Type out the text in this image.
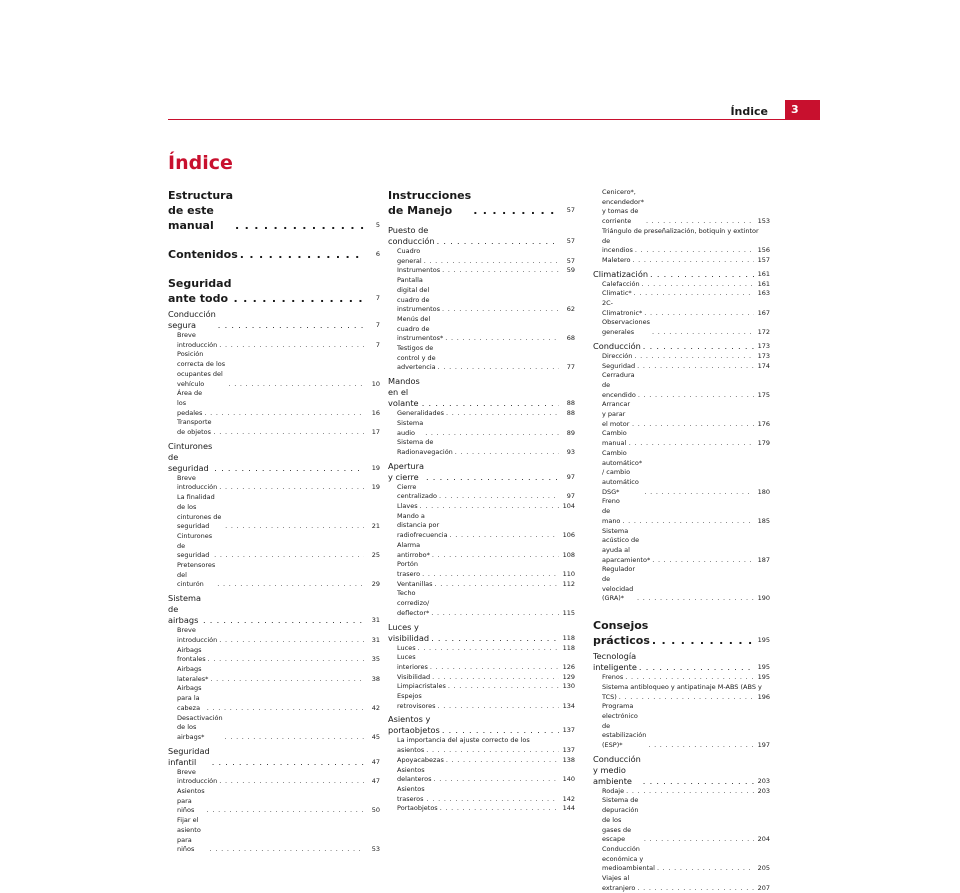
Índice	3
Índice
Estructura de este manual . . .	5
Contenidos . . .	6
Seguridad ante todo . . .	7
Conducción segura . . .	7
Breve introducción . . .	7
Posición correcta de los ocupantes del vehículo . . .	10
Área de los pedales . . .	16
Transporte de objetos . . .	17
Cinturones de seguridad . . .	19
Breve introducción . . .	19
La finalidad de los cinturones de seguridad . . .	21
Cinturones de seguridad . . .	25
Pretensores del cinturón . . .	29
Sistema de airbags . . .	31
Breve introducción . . .	31
Airbags frontales . . .	35
Airbags laterales* . . .	38
Airbags para la cabeza . . .	42
Desactivación de los airbags* . . .	45
Seguridad infantil . . .	47
Breve introducción . . .	47
Asientos para niños . . .	50
Fijar el asiento para niños . . .	53
Instrucciones de Manejo . . .	57
Puesto de conducción . . .	57
Cuadro general . . .	57
Instrumentos . . .	59
Pantalla digital del cuadro de instrumentos . . .	62
Menús del cuadro de instrumentos* . . .	68
Testigos de control y de advertencia . . .	77
Mandos en el volante . . .	88
Generalidades . . .	88
Sistema audio . . .	89
Sistema de Radionavegación . . .	93
Apertura y cierre . . .	97
Cierre centralizado . . .	97
Llaves . . .	104
Mando a distancia por radiofrecuencia . . .	106
Alarma antirrobo* . . .	108
Portón trasero . . .	110
Ventanillas . . .	112
Techo corredizo/ deflector* . . .	115
Luces y visibilidad . . .	118
Luces . . .	118
Luces interiores . . .	126
Visibilidad . . .	129
Limpiacristales . . .	130
Espejos retrovisores . . .	134
Asientos y portaobjetos . . .	137
La importancia del ajuste correcto de los
asientos . . .	137
Apoyacabezas . . .	138
Asientos delanteros . . .	140
Asientos traseros . . .	142
Portaobjetos . . .	144
Cenicero*, encendedor* y tomas de corriente . . .	153
Triángulo de preseñalización, botiquín y extintor
de incendios . . .	156
Maletero . . .	157
Climatización . . .	161
Calefacción . . .	161
Climatic* . . .	163
2C-Climatronic* . . .	167
Observaciones generales . . .	172
Conducción . . .	173
Dirección . . .	173
Seguridad . . .	174
Cerradura de encendido . . .	175
Arrancar y parar el motor . . .	176
Cambio manual . . .	179
Cambio automático* / cambio automático DSG* . . .	180
Freno de mano . . .	185
Sistema acústico de ayuda al aparcamiento* . . .	187
Regulador de velocidad (GRA)* . . .	190
Consejos prácticos . . .	195
Tecnología inteligente . . .	195
Frenos . . .	195
Sistema antibloqueo y antipatinaje M-ABS (ABS y
TCS) . . .	196
Programa electrónico de estabilización (ESP)* . . .	197
Conducción y medio ambiente . . .	203
Rodaje . . .	203
Sistema de depuración de los gases de escape . . .	204
Conducción económica y medioambiental . . .	205
Viajes al extranjero . . .	207
